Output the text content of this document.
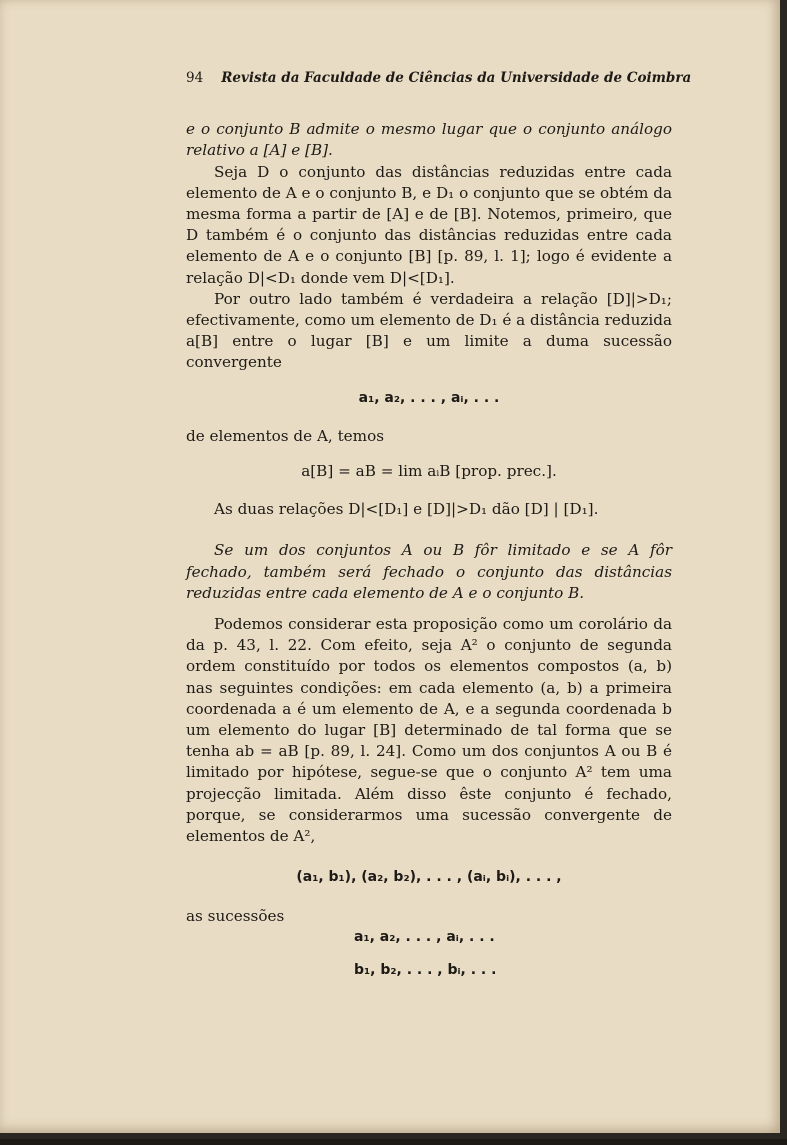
94 Revista da Faculdade de Ciências da Universidade de Coimbra

e o conjunto B admite o mesmo lugar que o conjunto análogo relativo a [A] e [B].

Seja D o conjunto das distâncias reduzidas entre cada elemento de A e o conjunto B, e D₁ o conjunto que se obtém da mesma forma a partir de [A] e de [B]. Notemos, primeiro, que D também é o conjunto das distâncias reduzidas entre cada elemento de A e o conjunto [B] [p. 89, l. 1]; logo é evidente a relação D|<D₁ donde vem D|<[D₁].

Por outro lado também é verdadeira a relação [D]|>D₁; efectivamente, como um elemento de D₁ é a distância reduzida a[B] entre o lugar [B] e um limite a duma sucessão convergente

a₁, a₂, . . . , aᵢ, . . .

de elementos de A, temos

a[B] = aB = lim aᵢB [prop. prec.].

As duas relações D|<[D₁] e [D]|>D₁ dão [D] | [D₁].

Se um dos conjuntos A ou B fôr limitado e se A fôr fechado, também será fechado o conjunto das distâncias reduzidas entre cada elemento de A e o conjunto B.

Podemos considerar esta proposição como um corolário da da p. 43, l. 22. Com efeito, seja A² o conjunto de segunda ordem constituído por todos os elementos compostos (a, b) nas seguintes condições: em cada elemento (a, b) a primeira coordenada a é um elemento de A, e a segunda coordenada b um elemento do lugar [B] determinado de tal forma que se tenha ab = aB [p. 89, l. 24]. Como um dos conjuntos A ou B é limitado por hipótese, segue-se que o conjunto A² tem uma projecção limitada. Além disso êste conjunto é fechado, porque, se considerarmos uma sucessão convergente de elementos de A²,

(a₁, b₁), (a₂, b₂), . . . , (aᵢ, bᵢ), . . . ,

as sucessões

a₁, a₂, . . . , aᵢ, . . .

b₁, b₂, . . . , bᵢ, . . .
